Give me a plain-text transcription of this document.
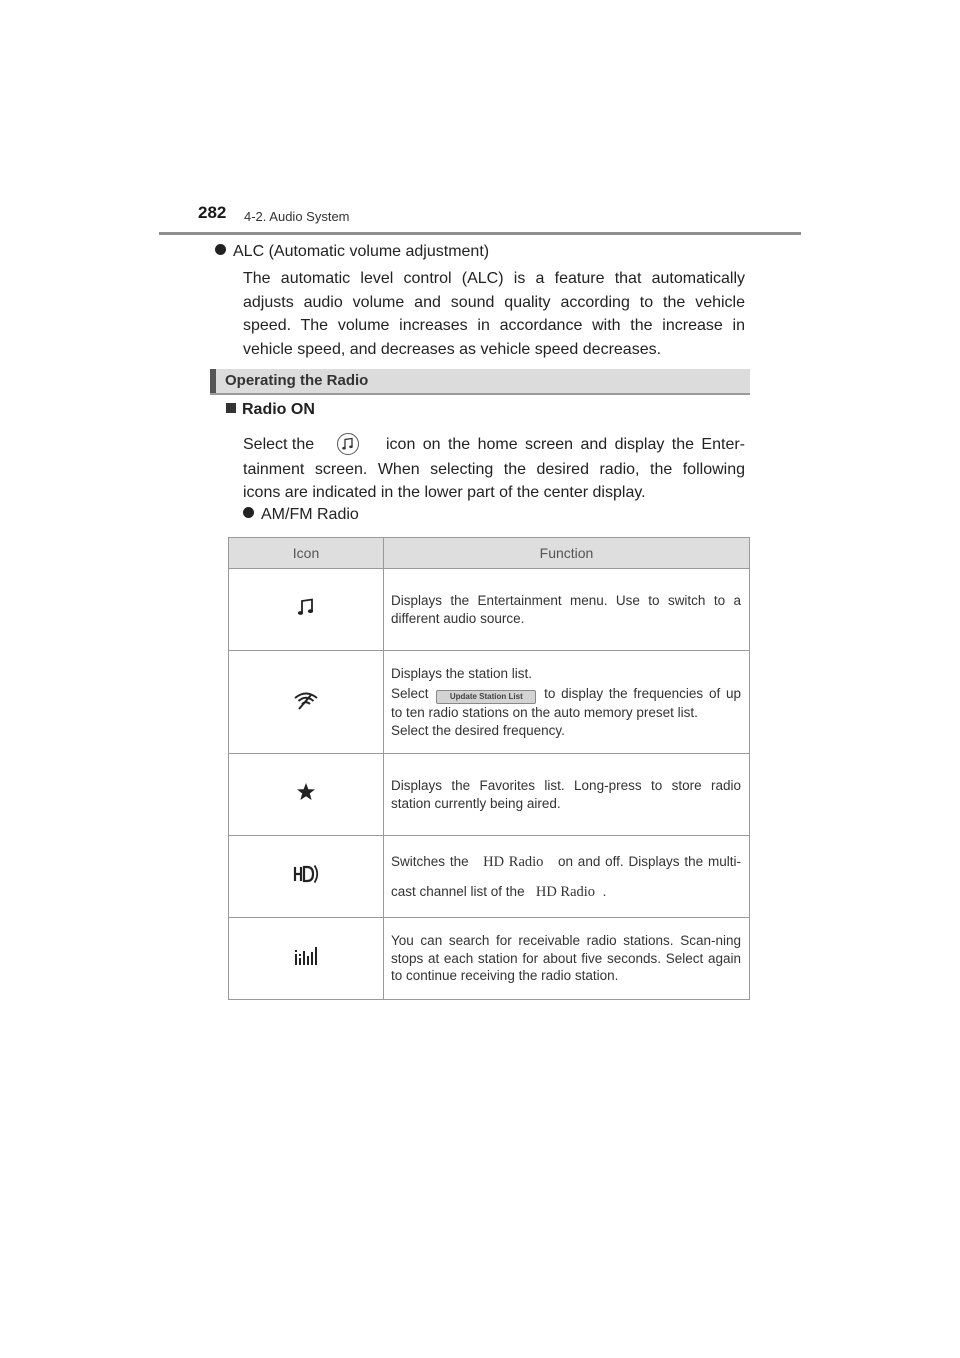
282 4-2. Audio System
ALC (Automatic volume adjustment)
The automatic level control (ALC) is a feature that automatically
adjusts audio volume and sound quality according to the vehicle
speed. The volume increases in accordance with the increase in
vehicle speed, and decreases as vehicle speed decreases.
Operating the Radio
Radio ON
Select the	icon on the home screen and display the Enter-
tainment screen. When selecting the desired radio, the following
icons are indicated in the lower part of the center display.
AM/FM Radio
Icon	Function
	Displays the Entertainment menu. Use to switch to a different audio source.

Displays the station list.
Select Update Station List to display the frequencies of up to ten radio stations on the auto memory preset list.
Select the desired frequency.

	Displays the Favorites list. Long-press to store radio station currently being aired.
	Switches the HD Radio on and off. Displays the multi-cast channel list of the HD Radio .
	You can search for receivable radio stations. Scan-ning stops at each station for about five seconds. Select again to continue receiving the radio station.
